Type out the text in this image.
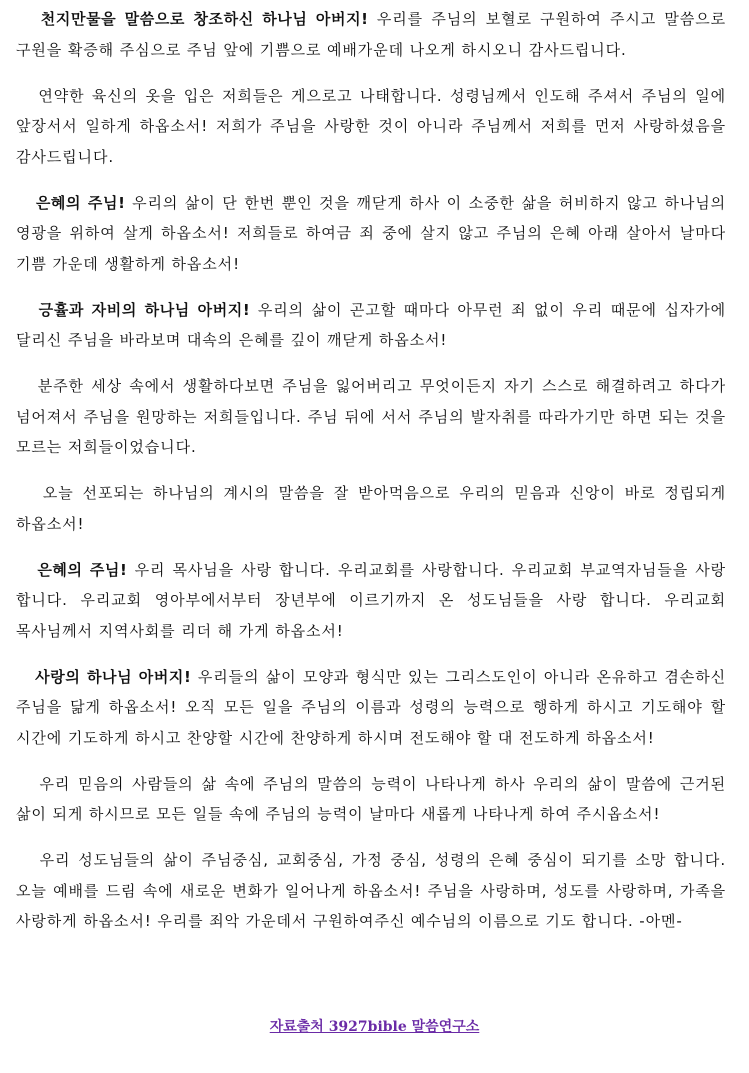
천지만물을 말씀으로 창조하신 하나님 아버지! 우리를 주님의 보혈로 구원하여 주시고 말씀으로 구원을 확증해 주심으로 주님 앞에 기쁨으로 예배가운데 나오게 하시오니 감사드립니다.

연약한 육신의 옷을 입은 저희들은 게으로고 나태합니다. 성령님께서 인도해 주셔서 주님의 일에 앞장서서 일하게 하옵소서! 저희가 주님을 사랑한 것이 아니라 주님께서 저희를 먼저 사랑하셨음을 감사드립니다.

은혜의 주님! 우리의 삶이 단 한번 뿐인 것을 깨닫게 하사 이 소중한 삶을 허비하지 않고 하나님의 영광을 위하여 살게 하옵소서! 저희들로 하여금 죄 중에 살지 않고 주님의 은혜 아래 살아서 날마다 기쁨 가운데 생활하게 하옵소서!

긍휼과 자비의 하나님 아버지! 우리의 삶이 곤고할 때마다 아무런 죄 없이 우리 때문에 십자가에 달리신 주님을 바라보며 대속의 은혜를 깊이 깨닫게 하옵소서!

분주한 세상 속에서 생활하다보면 주님을 잃어버리고 무엇이든지 자기 스스로 해결하려고 하다가 넘어져서 주님을 원망하는 저희들입니다. 주님 뒤에 서서 주님의 발자취를 따라가기만 하면 되는 것을 모르는 저희들이었습니다.

오늘 선포되는 하나님의 계시의 말씀을 잘 받아먹음으로 우리의 믿음과 신앙이 바로 정립되게 하옵소서!

은혜의 주님! 우리 목사님을 사랑 합니다. 우리교회를 사랑합니다. 우리교회 부교역자님들을 사랑 합니다. 우리교회 영아부에서부터 장년부에 이르기까지 온 성도님들을 사랑 합니다. 우리교회 목사님께서 지역사회를 리더 해 가게 하옵소서!

사랑의 하나님 아버지! 우리들의 삶이 모양과 형식만 있는 그리스도인이 아니라 온유하고 겸손하신 주님을 닮게 하옵소서! 오직 모든 일을 주님의 이름과 성령의 능력으로 행하게 하시고 기도해야 할 시간에 기도하게 하시고 찬양할 시간에 찬양하게 하시며 전도해야 할 대 전도하게 하옵소서!

우리 믿음의 사람들의 삶 속에 주님의 말씀의 능력이 나타나게 하사 우리의 삶이 말씀에 근거된 삶이 되게 하시므로 모든 일들 속에 주님의 능력이 날마다 새롭게 나타나게 하여 주시옵소서!

우리 성도님들의 삶이 주님중심, 교회중심, 가정 중심, 성령의 은혜 중심이 되기를 소망 합니다. 오늘 예배를 드림 속에 새로운 변화가 일어나게 하옵소서! 주님을 사랑하며, 성도를 사랑하며, 가족을 사랑하게 하옵소서! 우리를 죄악 가운데서 구원하여주신 예수님의 이름으로 기도 합니다. -아멘-

자료출처 3927bible 말씀연구소
